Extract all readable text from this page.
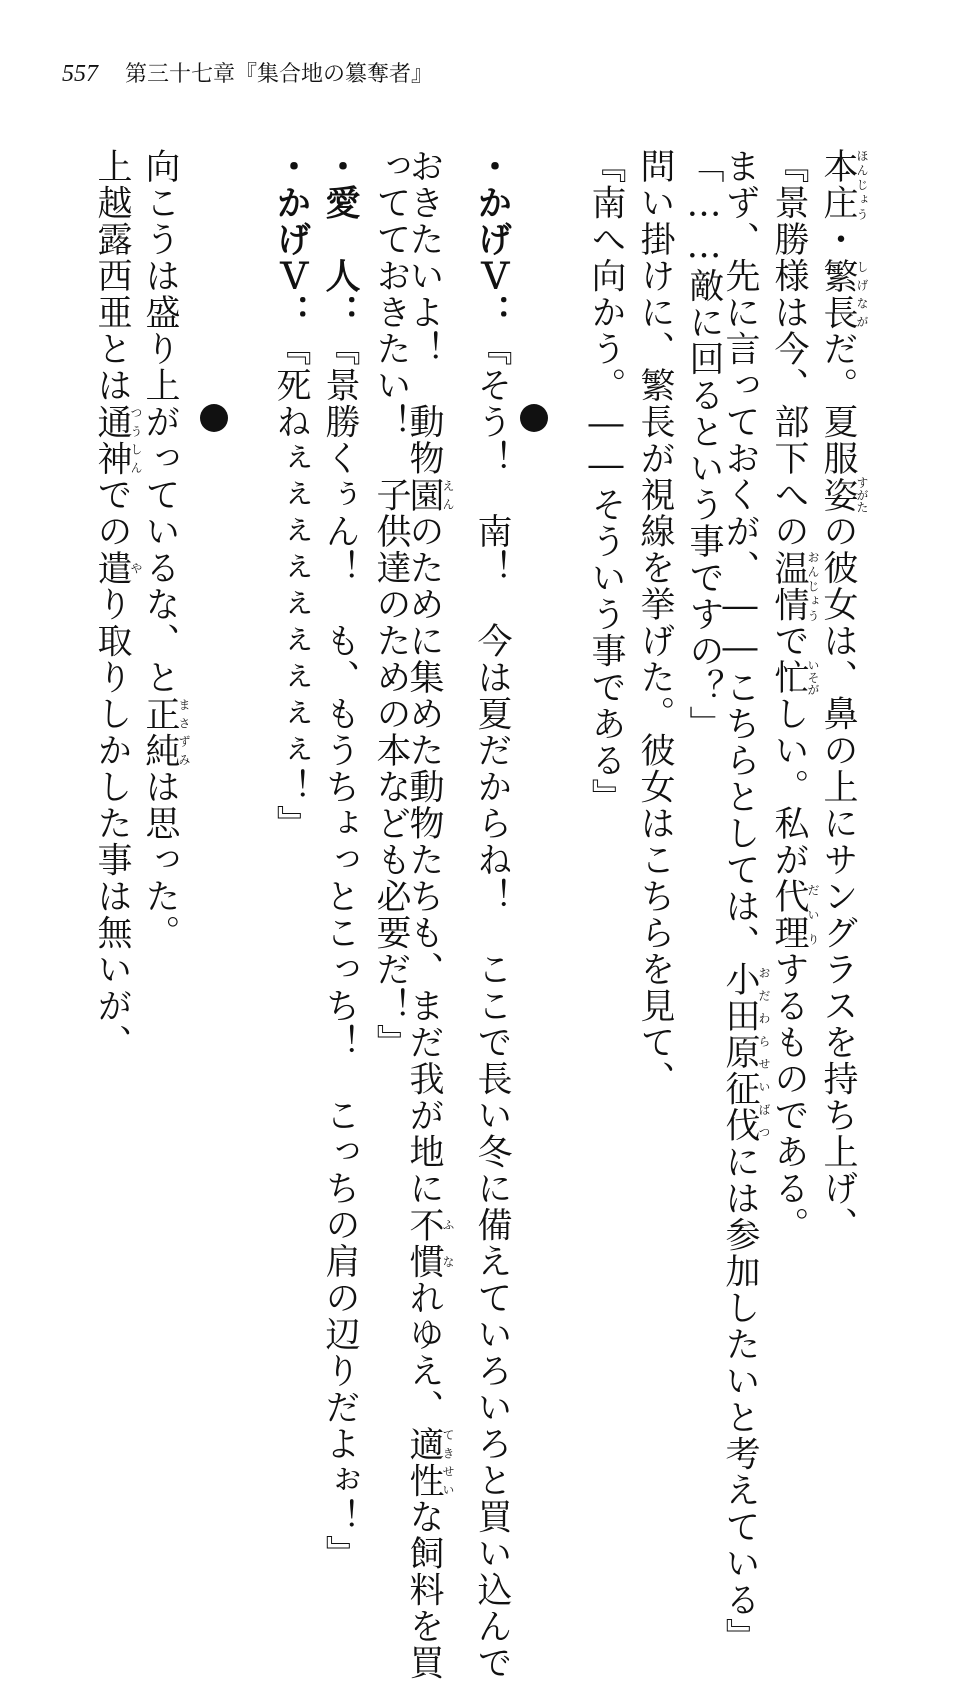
557 第三十七章『集合地の簒奪者』
本庄ほんじょう・繁長しげながだ。夏服姿すがたの彼女は、鼻の上にサングラスを持ち上げ、
『景勝様は今、部下への温情おんじょうで忙いそがしい。私が代理だいりするものである。
まず、先に言っておくが、――こちらとしては、小田原征伐おだわらせいばつには参加したいと考えている』
「……敵に回るという事ですの？」
問い掛けに、繁長が視線を挙げた。彼女はこちらを見て、
『南へ向かう。――そういう事である』
・かげＶ：『そう！　南！　今は夏だからね！　ここで長い冬に備えていろいろと買い込んで
おきたいよ！　動物園えんのために集めた動物たちも、まだ我が地に不慣ふなれゆえ、適性てきせいな飼料を買
ってておきたい！　子供達のための本なども必要だ！』
・愛　人：『景勝くぅん！　も、もうちょっとこっち！　こっちの肩の辺りだよぉ！』
・かげＶ：『死ねぇぇぇぇぇぇぇぇぇ！』
向こうは盛り上がっているな、と正純まさずみは思った。
上越露西亜とは通神つうしんでの遣やり取りしかした事は無いが、
